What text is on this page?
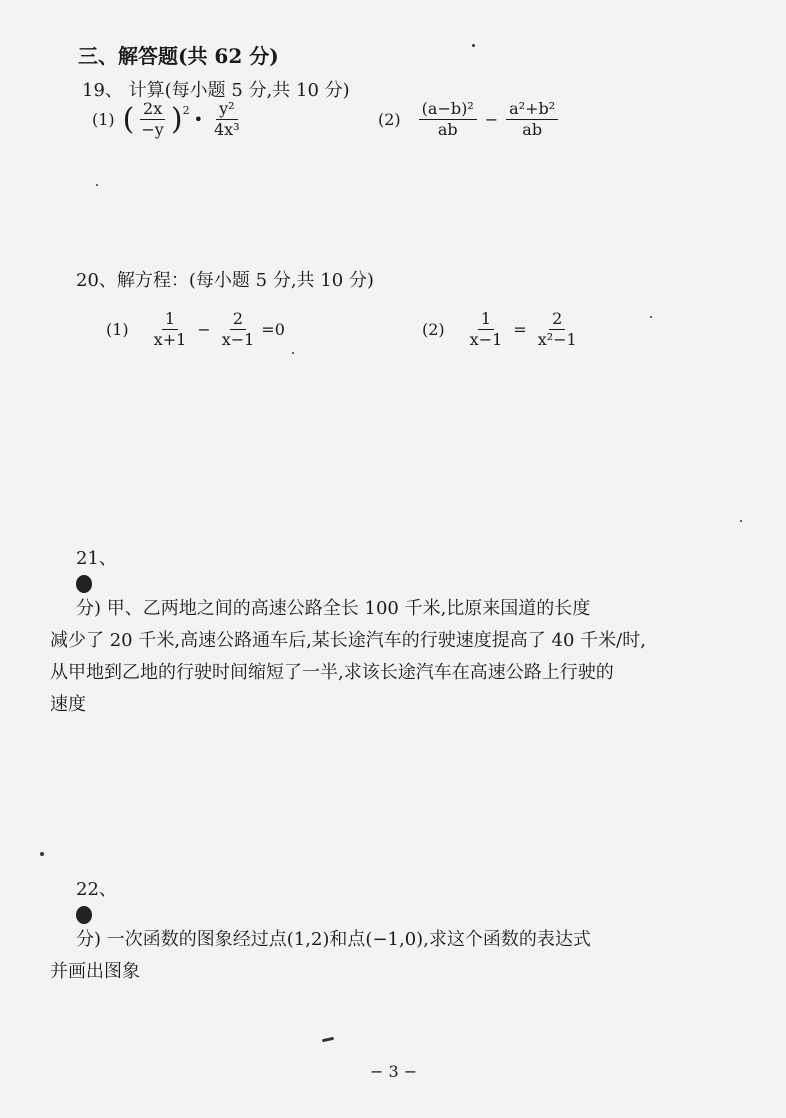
三、解答题(共 62 分)
19、 计算(每小题 5 分,共 10 分)
(1) ( $\frac{2x}{-y}$ ) 2 • $\frac{\text{y²}}{\text{4x³}}$	$(2) \frac{\text{(a−b)²}}{ab} - \frac{\text{a²+b²}}{ab}$
20、解方程：(每小题 5 分,共 10 分)
$(1) \frac{1}{x+1} - \frac{2}{x-1} =0$	$(2) \frac{1}{x-1} = \frac{2}{\text{x²−1}}$
21、
分) 甲、乙两地之间的高速公路全长 100 千米,比原来国道的长度
减少了 20 千米,高速公路通车后,某长途汽车的行驶速度提高了 40 千米/时,
从甲地到乙地的行驶时间缩短了一半,求该长途汽车在高速公路上行驶的
速度
22、
分) 一次函数的图象经过点(1,2)和点(−1,0),求这个函数的表达式
并画出图象
− 3 −
